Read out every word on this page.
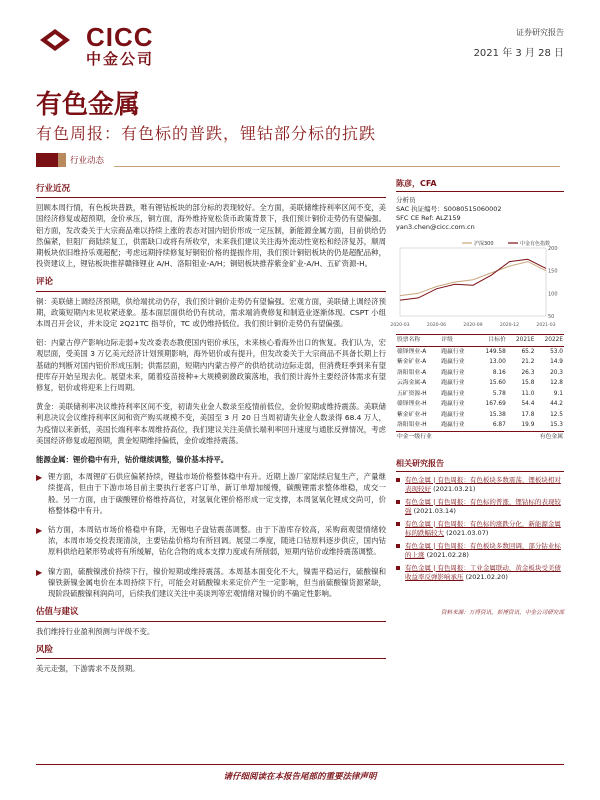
CICC
中金公司
证券研究报告
2021 年 3 月 28 日
有色金属
有色周报：有色标的普跌，锂钴部分标的抗跌
行业动态
行业近况

回顾本周行情，有色板块普跌，唯有锂钴板块的部分标的表现较好。全方面，美联储维持利率区间不变，美国经济修复或超预期，金价承压，铜方面，海外维持宽松货币政策背景下，我们预计铜价走势仍有望偏强。铝方面，发改委关于大宗商品难以持续上涨的表态对国内铝价形成一定压制，新能源金属方面，目前供给仍然偏紧，但阻厂商陆续复工，供需缺口或将有所收窄，未来我们建议关注海外流动性宽松和经济复苏，顺周期板块依旧维持乐观超配；考虑远期持续修复好铜铝价格的提振作用，我们预计铜铝板块的仍是超配品种，投资建议上，锂钴板块推荐赣锋锂业 A/H、洛阳钼业-A/H；铜铝板块推荐紫金矿业-A/H、五矿资源-H。

评论

铜：美联储上调经济预期，供给端扰动仍存，我们预计铜价走势仍有望偏强。宏观方面，美联储上调经济预期，政策短期内未见收紧迹象。基本面层面供给仍有扰动，需求端消费修复和制造业逐渐体现。CSPT 小组本周召开会议，并未设定 2Q21TC 指导价，TC 或仍维持低位。我们预计铜价走势仍有望偏强。

铝：内蒙古停产影响边际走弱+发改委表态教使国内铝价承压，未来核心看海外出口的恢复。我们认为，宏观层面，受美国 3 万亿美元经济计划预期影响，海外铝价或有提升，但发改委关于大宗商品不具备长期上行基础的判断对国内铝价形成压制；供需层面，短期内内蒙古停产的供给扰动边际走弱，但消费旺季到来有望使库存开始呈现去化。展望未来，随着疫苗接种+大规模刺激政策落地，我们预计海外主要经济体需求有望修复，铝价或将迎来上行周期。

黄金：美联储利率决议维持利率区间不变，初请失业金人数录至疫情前低位，金价短期或维持震荡。美联储利息决议会议维持利率区间和资产购买规模不变，美国至 3 月 20 日当周初请失业金人数录得 68.4 万人，为疫情以来新低，美国长端利率本周维持高位，我们建议关注美债长端利率回升速度与通胀反弹情况，考虑美国经济修复或超预期，黄金短期维持偏低，金价或维持震荡。

能源金属：锂价稳中有升，钴价继续调整，镍价基本持平。

▶ 锂方面，本周锂矿石供应偏紧持续，锂盐市场价格整体稳中有升。近期上游厂家陆续启复生产，产量继续提高，但由于下游市场目前主要执行老客户订单，新订单增加缓慢，碳酸锂需求整体维稳，成交一般。另一方面，由于碳酸锂价格维持高位，对氢氧化锂价格形成一定支撑，本周氢氧化锂成交尚可，价格整体稳中有升。
▶ 钴方面，本周钴市场价格稳中有降，无锡电子盘钴震荡调整。由于下游库存较高，采购商观望情绪较浓，本周市场交投表现清淡，主要钴盐价格均有所回调。展望二季度，随进口钴原料逐步供应，国内钴原料供给趋紧形势或将有所缓解，钴化合物的成本支撑力度或有所削弱，短期内钴价或维持震荡调整。
▶ 镍方面，硫酸镍涨价持续下行，镍价短期或维持震荡。本周基本面变化不大，镍需平稳运行，硫酸镍和镍铁新镍金属电价在本周持续下行，可能会对硫酸镍未来定价产生一定影响，但当前硫酸镍货源紧缺，现阶段硫酸镍利润尚可，后续我们建议关注中美谈判等宏观情绪对镍价的不确定性影响。
估值与建议

我们维持行业盈利预测与评级不变。

风险

美元走强，下游需求不及预期。

陈彦，CFA
分析员
SAC 执证编号：S0080515060002
SFC CE Ref: ALZ159
yan3.chen@cicc.com.cn
200
150
100
50
2020-03	2020-06	2020-09	2020-12	2021-03
沪深300	中金有色指数
股票名称	评级	目标价	2021E	2022E
赣锋锂业-A	跑赢行业	149.58	65.2	53.0
紫金矿业-A	跑赢行业	13.00	21.2	14.9
洛阳钼业-A	跑赢行业	8.16	26.3	20.3
云海金属-A	跑赢行业	15.60	15.8	12.8
五矿资源-H	跑赢行业	5.78	11.0	9.1
赣锋锂业-H	跑赢行业	167.69	54.4	44.2
紫金矿业-H	跑赢行业	15.38	17.8	12.5
洛阳钼业-H	跑赢行业	6.87	19.9	15.3
中金一级行业			有色金属	
相关研究报告
有色金属 | 有色周报：有色板块多数震荡，锂板块相对表现较好 (2021.03.21)
有色金属 | 有色周报：有色标的普涨，锂钴标的表现较强 (2021.03.14)
有色金属 | 有色周报：有色标的涨跌分化，新能源金属标的跌幅较大 (2021.03.07)
有色金属 | 有色周报：有色板块多数回调，部分钴业标的上涨 (2021.02.28)
有色金属 | 有色周报：工业金属联动，黄金板块受美债收益率反弹影响承压 (2021.02.20)
资料来源：万得资讯，彭博资讯，中金公司研究部
请仔细阅读在本报告尾部的重要法律声明
